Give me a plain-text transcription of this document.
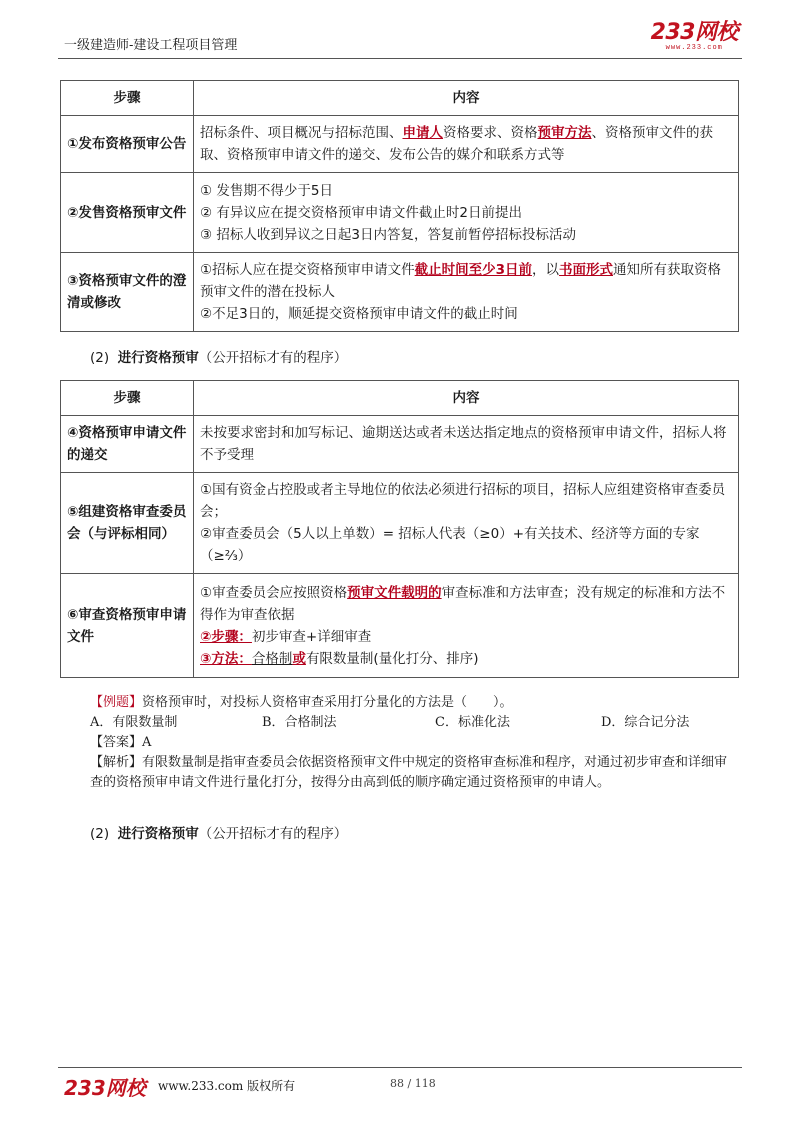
一级建造师-建设工程项目管理
233网校
www.233.com
步骤	内容
①发布资格预审公告	招标条件、项目概况与招标范围、申请人资格要求、资格预审方法、资格预审文件的获取、资格预审申请文件的递交、发布公告的媒介和联系方式等
②发售资格预审文件	① 发售期不得少于5日
② 有异议应在提交资格预审申请文件截止时2日前提出
③ 招标人收到异议之日起3日内答复，答复前暂停招标投标活动

③资格预审文件的澄清或修改	①招标人应在提交资格预审申请文件截止时间至少3日前，以书面形式通知所有获取资格预审文件的潜在投标人
②不足3日的，顺延提交资格预审申请文件的截止时间
(2) 进行资格预审（公开招标才有的程序）
步骤	内容
④资格预审申请文件的递交	未按要求密封和加写标记、逾期送达或者未送达指定地点的资格预审申请文件，招标人将不予受理
⑤组建资格审查委员会（与评标相同）	①国有资金占控股或者主导地位的依法必须进行招标的项目，招标人应组建资格审查委员会；
②审查委员会（5人以上单数）= 招标人代表（≥0）+有关技术、经济等方面的专家（≥⅔）

⑥审查资格预审申请文件	①审查委员会应按照资格预审文件载明的审查标准和方法审查；没有规定的标准和方法不得作为审查依据
②步骤：初步审查+详细审查
③方法：合格制或有限数量制(量化打分、排序)
【例题】资格预审时，对投标人资格审查采用打分量化的方法是（　　）。
A．有限数量制	B．合格制法	C．标准化法	D．综合记分法
【答案】A
【解析】有限数量制是指审查委员会依据资格预审文件中规定的资格审查标准和程序，对通过初步审查和详细审查的资格预审申请文件进行量化打分，按得分由高到低的顺序确定通过资格预审的申请人。
(2) 进行资格预审（公开招标才有的程序）
233网校 www.233.com 版权所有	88 / 118
